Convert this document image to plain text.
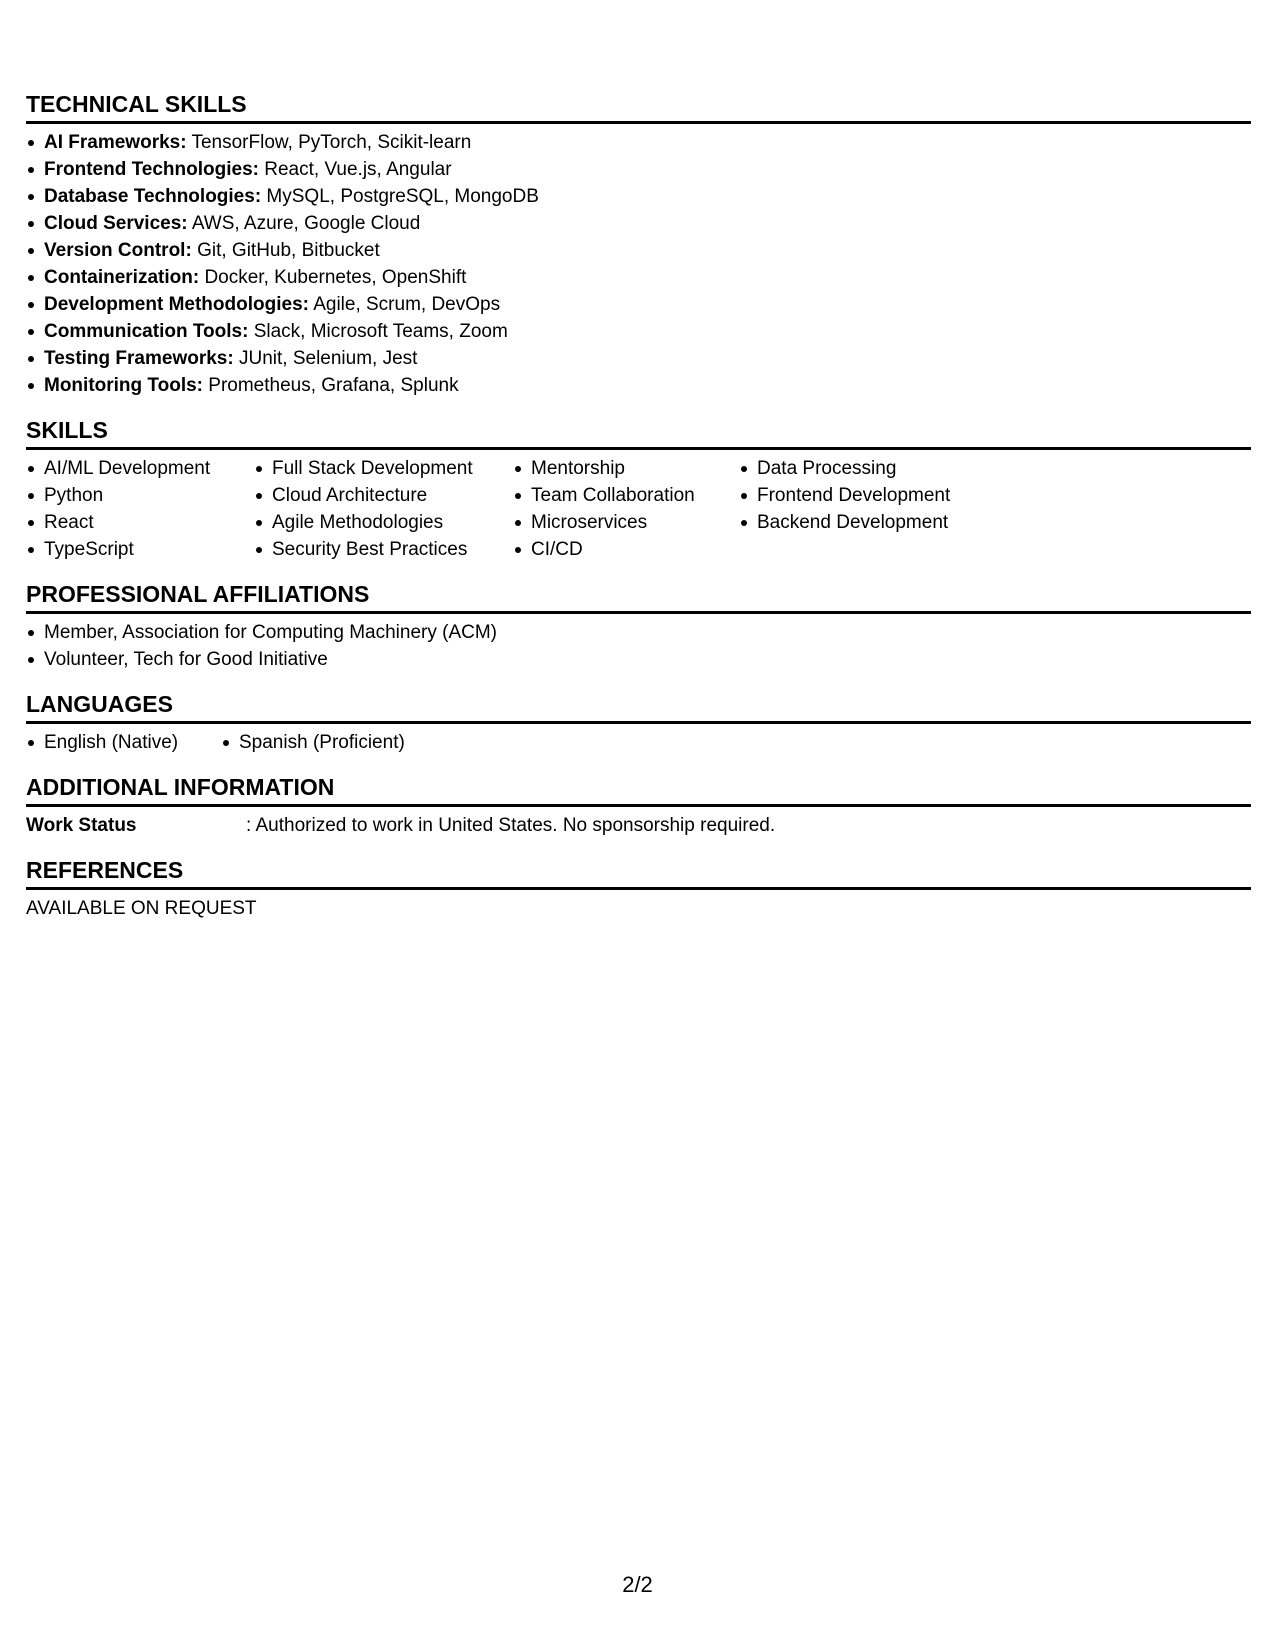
TECHNICAL SKILLS
AI Frameworks: TensorFlow, PyTorch, Scikit-learn
Frontend Technologies: React, Vue.js, Angular
Database Technologies: MySQL, PostgreSQL, MongoDB
Cloud Services: AWS, Azure, Google Cloud
Version Control: Git, GitHub, Bitbucket
Containerization: Docker, Kubernetes, OpenShift
Development Methodologies: Agile, Scrum, DevOps
Communication Tools: Slack, Microsoft Teams, Zoom
Testing Frameworks: JUnit, Selenium, Jest
Monitoring Tools: Prometheus, Grafana, Splunk
SKILLS
AI/ML Development
Python
React
TypeScript
Full Stack Development
Cloud Architecture
Agile Methodologies
Security Best Practices
Mentorship
Team Collaboration
Microservices
CI/CD
Data Processing
Frontend Development
Backend Development
PROFESSIONAL AFFILIATIONS
Member, Association for Computing Machinery (ACM)
Volunteer, Tech for Good Initiative
LANGUAGES
English (Native)	Spanish (Proficient)
ADDITIONAL INFORMATION
Work Status	: Authorized to work in United States. No sponsorship required.
REFERENCES
AVAILABLE ON REQUEST
2/2
